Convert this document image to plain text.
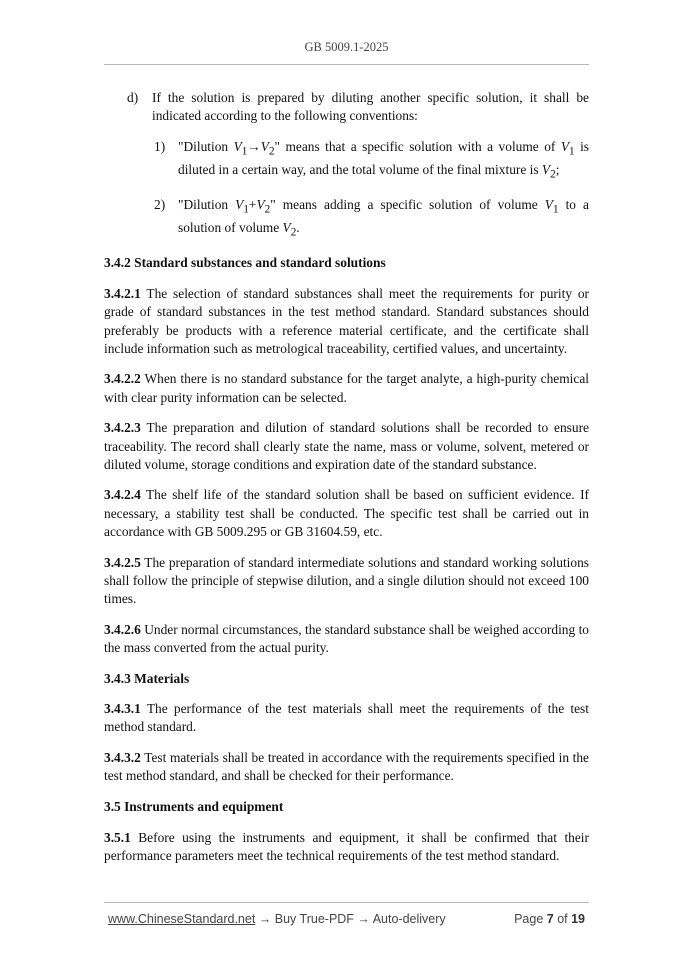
GB 5009.1-2025
d)	If the solution is prepared by diluting another specific solution, it shall be indicated according to the following conventions:
1) "Dilution $V_1\to V_2$" means that a specific solution with a volume of $V_1$ is diluted in a certain way, and the total volume of the final mixture is $V_2$;
2) "Dilution $V_1+V_2$" means adding a specific solution of volume $V_1$ to a solution of volume $V_2$.

3.4.2 Standard substances and standard solutions

3.4.2.1 The selection of standard substances shall meet the requirements for purity or grade of standard substances in the test method standard. Standard substances should preferably be products with a reference material certificate, and the certificate shall include information such as metrological traceability, certified values, and uncertainty.

3.4.2.2 When there is no standard substance for the target analyte, a high-purity chemical with clear purity information can be selected.

3.4.2.3 The preparation and dilution of standard solutions shall be recorded to ensure traceability. The record shall clearly state the name, mass or volume, solvent, metered or diluted volume, storage conditions and expiration date of the standard substance.

3.4.2.4 The shelf life of the standard solution shall be based on sufficient evidence. If necessary, a stability test shall be conducted. The specific test shall be carried out in accordance with GB 5009.295 or GB 31604.59, etc.

3.4.2.5 The preparation of standard intermediate solutions and standard working solutions shall follow the principle of stepwise dilution, and a single dilution should not exceed 100 times.

3.4.2.6 Under normal circumstances, the standard substance shall be weighed according to the mass converted from the actual purity.

3.4.3 Materials

3.4.3.1 The performance of the test materials shall meet the requirements of the test method standard.

3.4.3.2 Test materials shall be treated in accordance with the requirements specified in the test method standard, and shall be checked for their performance.

3.5 Instruments and equipment

3.5.1 Before using the instruments and equipment, it shall be confirmed that their performance parameters meet the technical requirements of the test method standard.

www.ChineseStandard.net → Buy True-PDF → Auto-delivery	Page 7 of 19
